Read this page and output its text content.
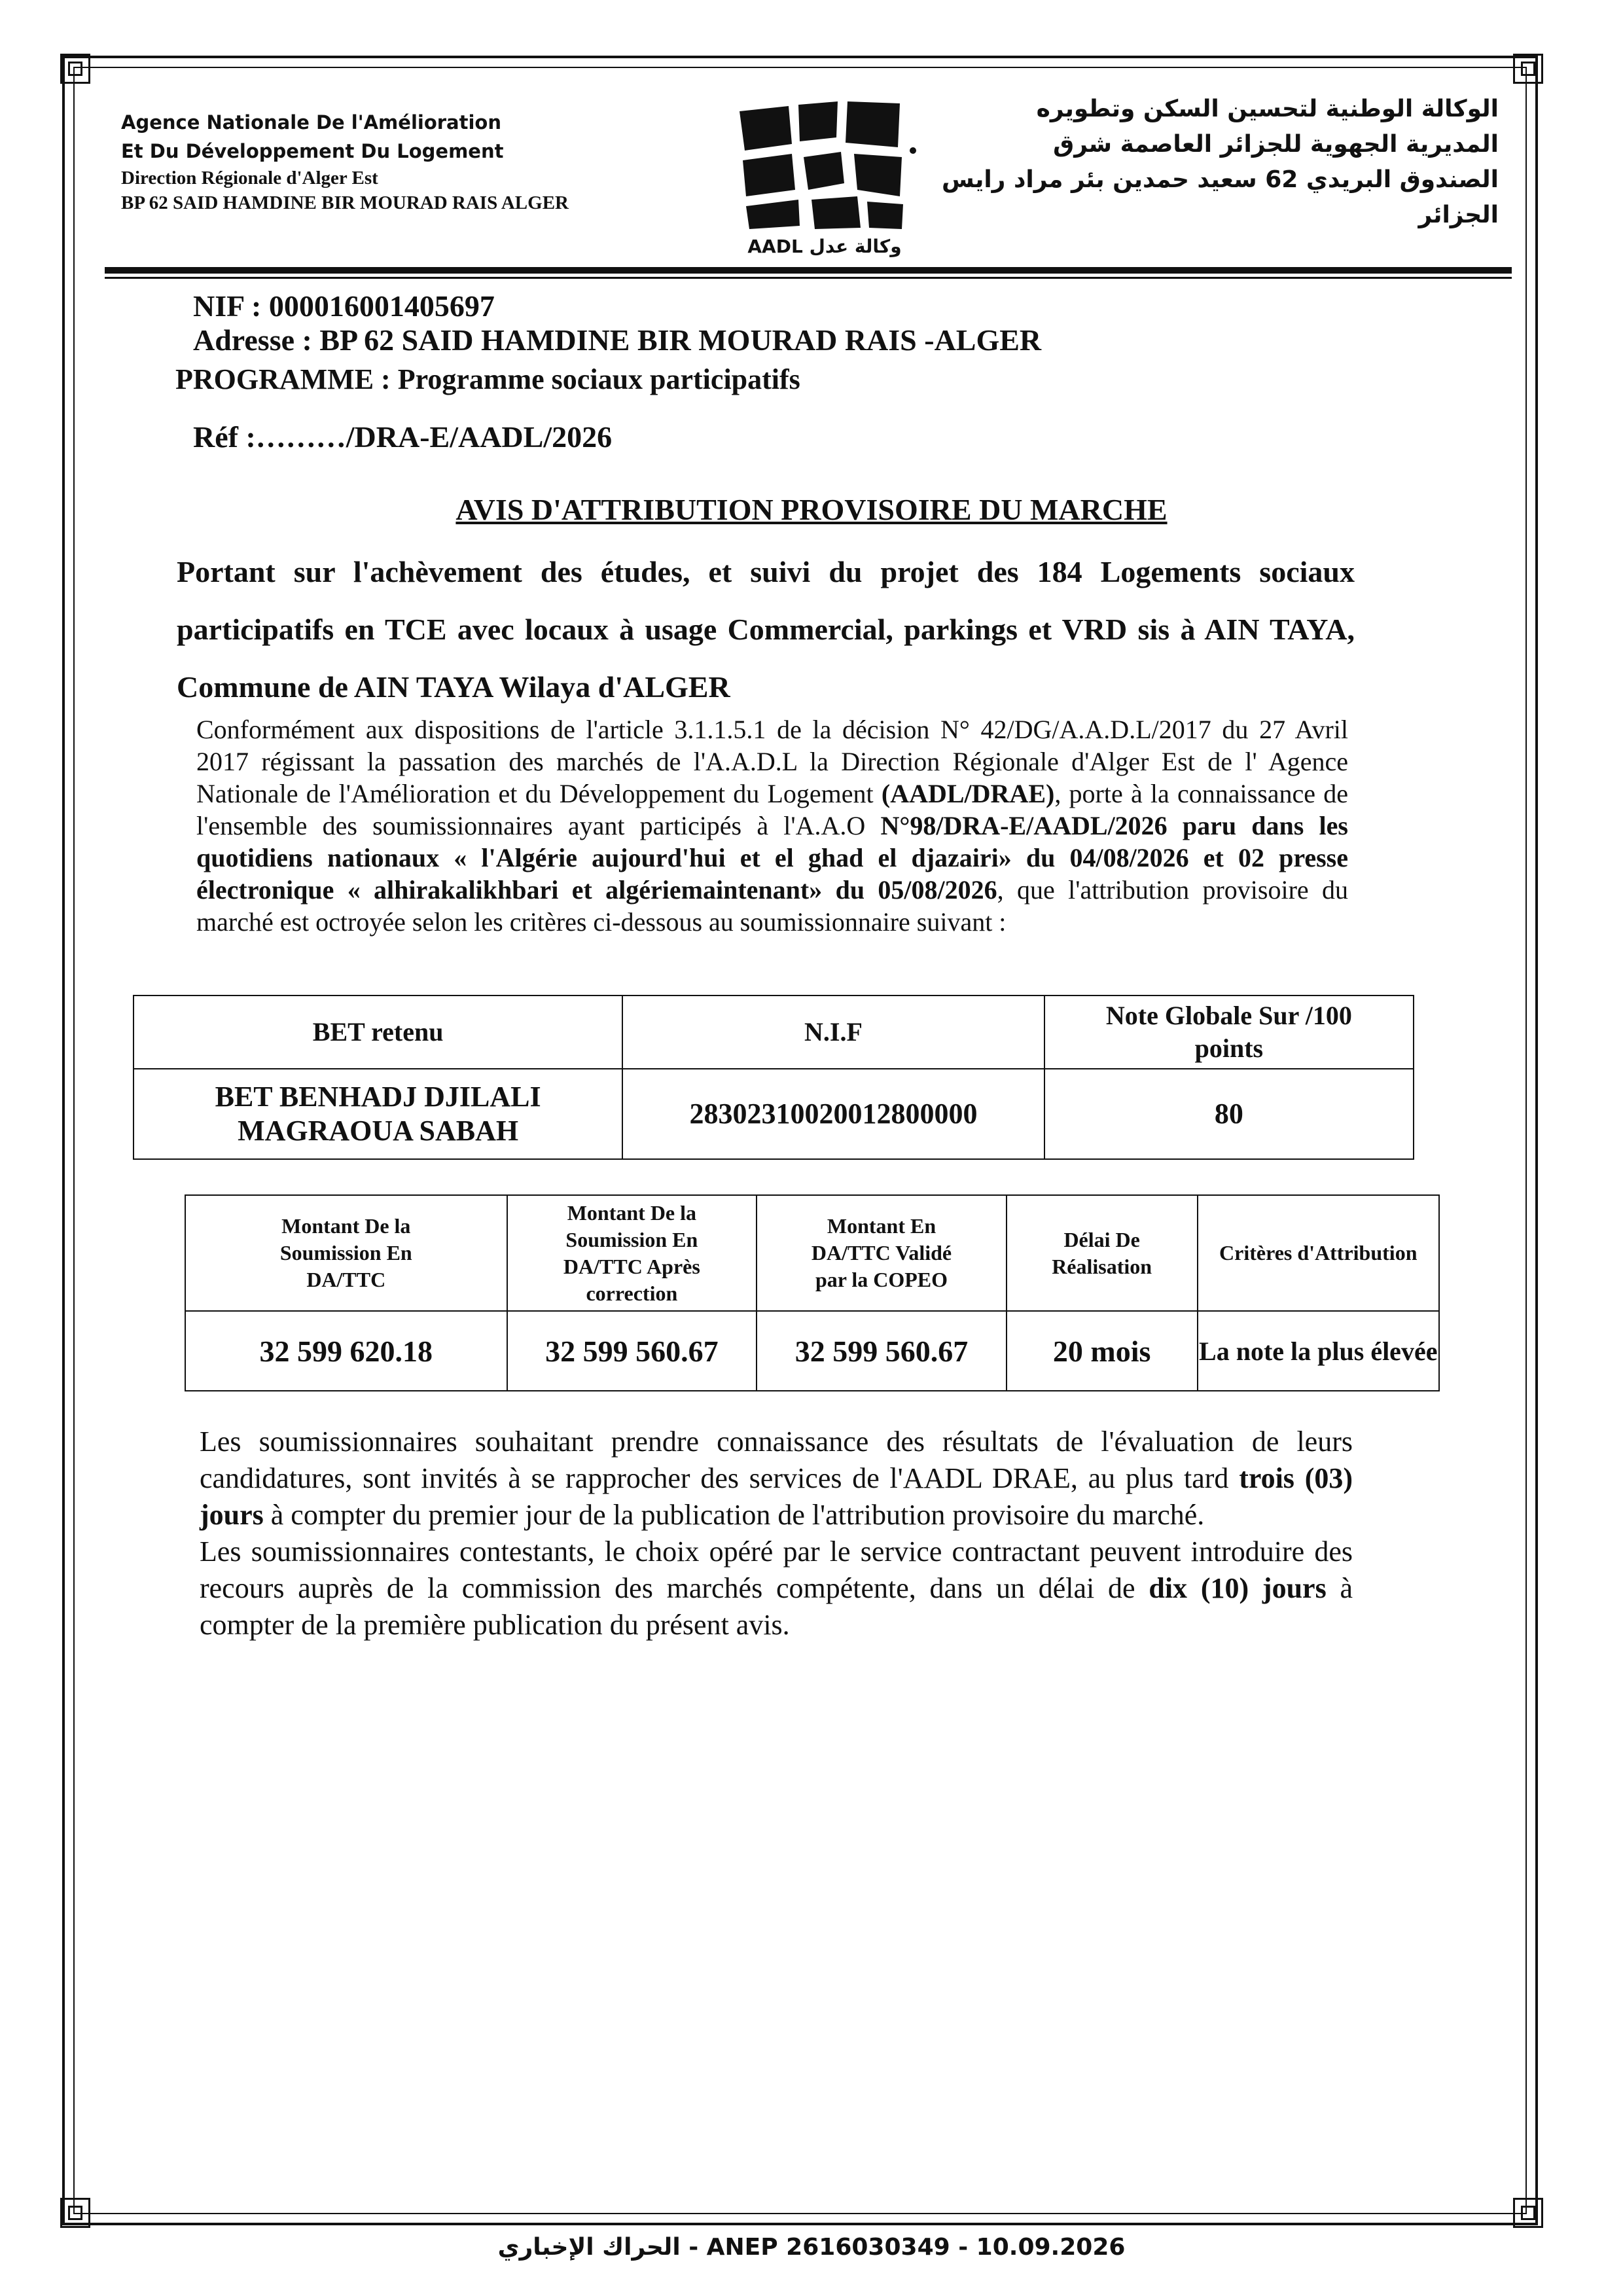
Agence Nationale De l'Amélioration
Et Du Développement Du Logement
Direction Régionale d'Alger Est
BP 62 SAID HAMDINE BIR MOURAD RAIS ALGER
AADL وكالة عدل
الوكالة الوطنية لتحسين السكن وتطويره
المديرية الجهوية للجزائر العاصمة شرق
الصندوق البريدي 62 سعيد حمدين بئر مراد رايس
الجزائر
NIF : 000016001405697
Adresse : BP 62 SAID HAMDINE BIR MOURAD RAIS -ALGER
PROGRAMME : Programme sociaux participatifs
Réf :………/DRA-E/AADL/2026
AVIS D'ATTRIBUTION PROVISOIRE DU MARCHE
Portant sur l'achèvement des études, et suivi du projet des 184 Logements sociaux participatifs en TCE avec locaux à usage Commercial, parkings et VRD sis à AIN TAYA, Commune de AIN TAYA Wilaya d'ALGER
Conformément aux dispositions de l'article 3.1.1.5.1 de la décision N° 42/DG/A.A.D.L/2017 du 27 Avril 2017 régissant la passation des marchés de l'A.A.D.L la Direction Régionale d'Alger Est de l' Agence Nationale de l'Amélioration et du Développement du Logement (AADL/DRAE), porte à la connaissance de l'ensemble des soumissionnaires ayant participés à l'A.A.O N°98/DRA-E/AADL/2026 paru dans les quotidiens nationaux « l'Algérie aujourd'hui et el ghad el djazairi» du 04/08/2026 et 02 presse électronique « alhirakalikhbari et algériemaintenant» du 05/08/2026, que l'attribution provisoire du marché est octroyée selon les critères ci-dessous au soumissionnaire suivant :
BET retenu	N.I.F	Note Globale Sur /100 points
BET BENHADJ DJILALI MAGRAOUA SABAH	28302310020012800000	80
Montant De la Soumission En DA/TTC	Montant De la Soumission En DA/TTC Après correction	Montant En DA/TTC Validé par la COPEO	Délai De Réalisation	Critères d'Attribution
32 599 620.18	32 599 560.67	32 599 560.67	20 mois	La note la plus élevée

Les soumissionnaires souhaitant prendre connaissance des résultats de l'évaluation de leurs candidatures, sont invités à se rapprocher des services de l'AADL DRAE, au plus tard trois (03) jours à compter du premier jour de la publication de l'attribution provisoire du marché.

Les soumissionnaires contestants, le choix opéré par le service contractant peuvent introduire des recours auprès de la commission des marchés compétente, dans un délai de dix (10) jours à compter de la première publication du présent avis.

الحراك الإخباري - ANEP 2616030349 - 10.09.2026
